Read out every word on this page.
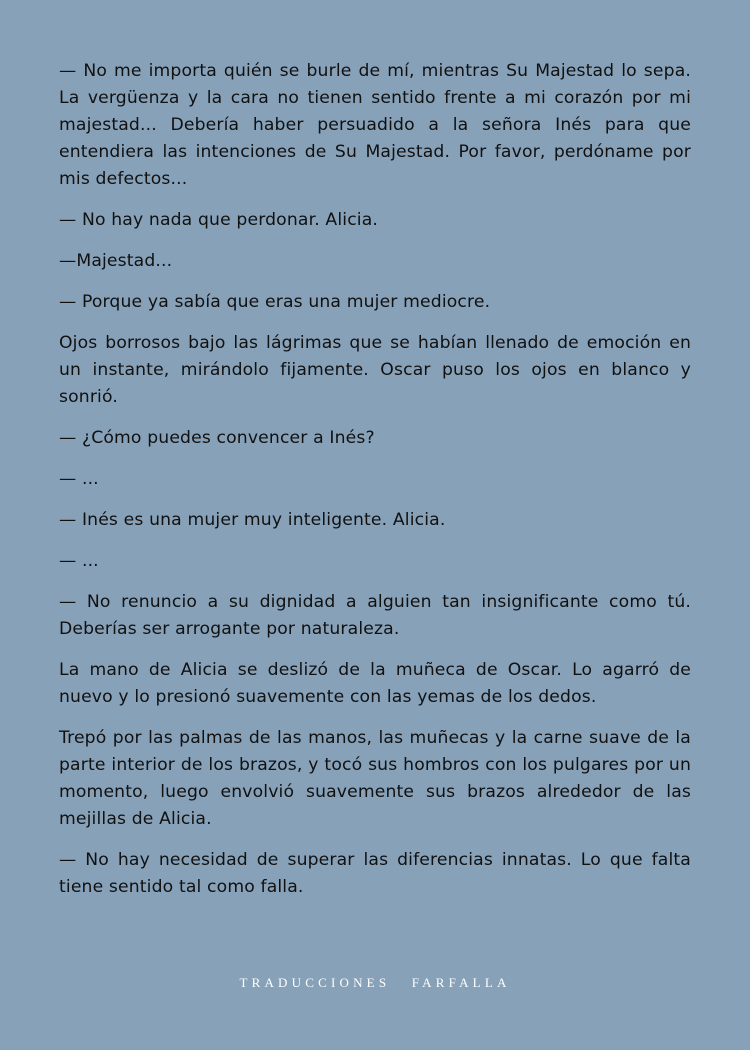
— No me importa quién se burle de mí, mientras Su Majestad lo sepa. La vergüenza y la cara no tienen sentido frente a mi corazón por mi majestad... Debería haber persuadido a la señora Inés para que entendiera las intenciones de Su Majestad. Por favor, perdóname por mis defectos...

— No hay nada que perdonar. Alicia.

—Majestad...

— Porque ya sabía que eras una mujer mediocre.

Ojos borrosos bajo las lágrimas que se habían llenado de emoción en un instante, mirándolo fijamente. Oscar puso los ojos en blanco y sonrió.

— ¿Cómo puedes convencer a Inés?

— ...

— Inés es una mujer muy inteligente. Alicia.

— ...

— No renuncio a su dignidad a alguien tan insignificante como tú. Deberías ser arrogante por naturaleza.

La mano de Alicia se deslizó de la muñeca de Oscar. Lo agarró de nuevo y lo presionó suavemente con las yemas de los dedos.

Trepó por las palmas de las manos, las muñecas y la carne suave de la parte interior de los brazos, y tocó sus hombros con los pulgares por un momento, luego envolvió suavemente sus brazos alrededor de las mejillas de Alicia.

— No hay necesidad de superar las diferencias innatas. Lo que falta tiene sentido tal como falla.

TRADUCCIONES FARFALLA
